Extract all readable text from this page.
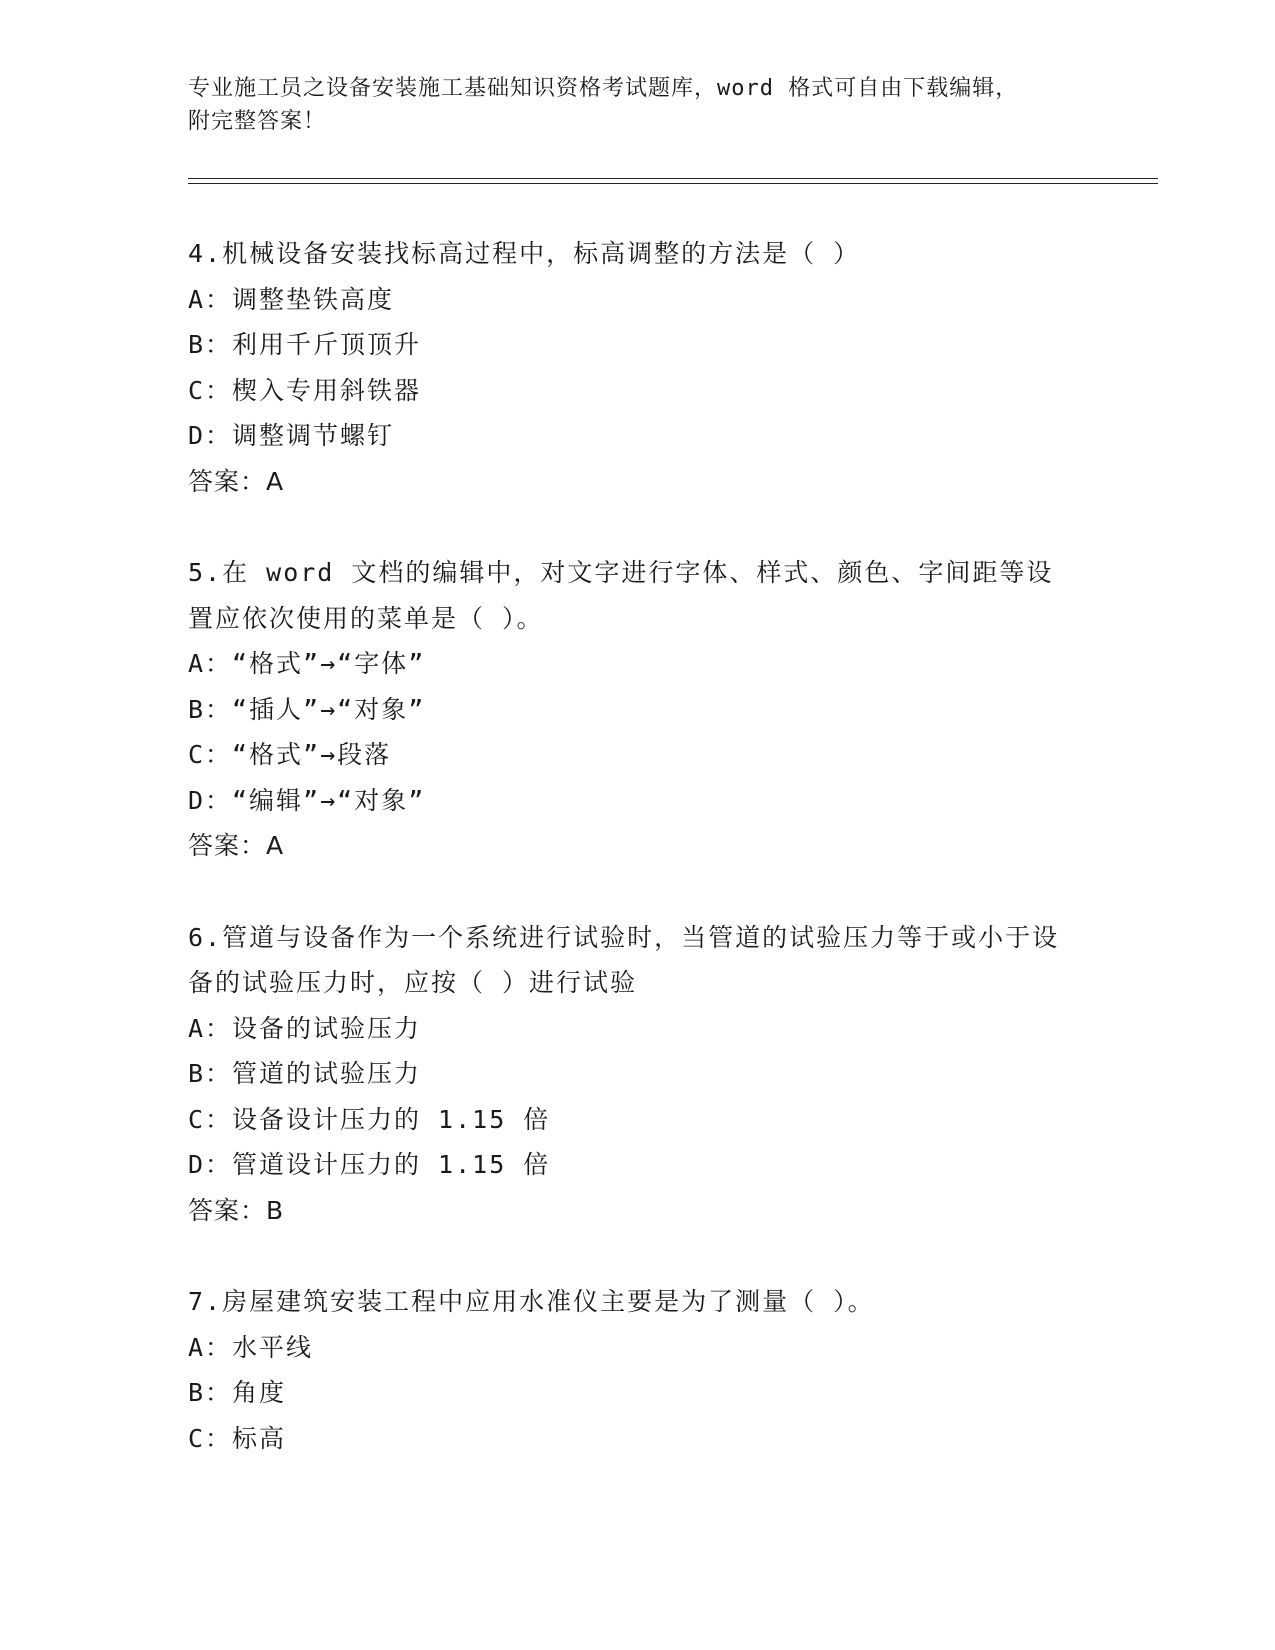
专业施工员之设备安装施工基础知识资格考试题库，word 格式可自由下载编辑，
附完整答案！
4.机械设备安装找标高过程中，标高调整的方法是（ ）
A：调整垫铁高度
B：利用千斤顶顶升
C：楔入专用斜铁器
D：调整调节螺钉
答案：A
5.在 word 文档的编辑中，对文字进行字体、样式、颜色、字间距等设置应依次使用的菜单是（ ）。
A：“格式”→“字体”
B：“插人”→“对象”
C：“格式”→段落
D：“编辑”→“对象”
答案：A
6.管道与设备作为一个系统进行试验时，当管道的试验压力等于或小于设备的试验压力时，应按（ ）进行试验
A：设备的试验压力
B：管道的试验压力
C：设备设计压力的 1.15 倍
D：管道设计压力的 1.15 倍
答案：B
7.房屋建筑安装工程中应用水准仪主要是为了测量（ ）。
A：水平线
B：角度
C：标高
